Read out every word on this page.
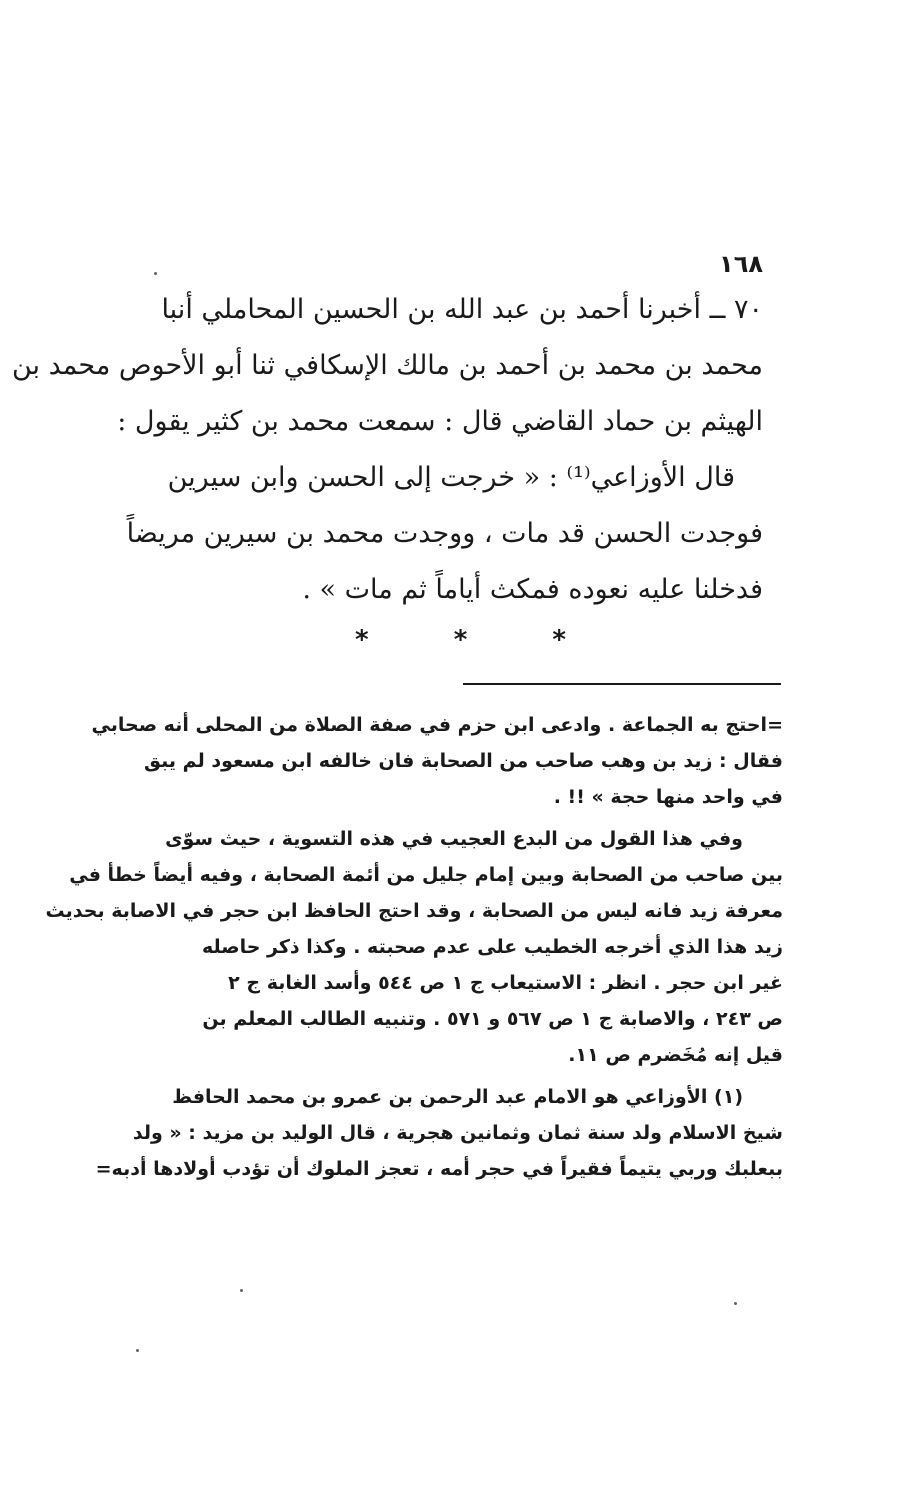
١٦٨
٧٠ ــ أخبرنا أحمد بن عبد الله بن الحسين المحاملي أنبا
محمد بن محمد بن أحمد بن مالك الإسكافي ثنا أبو الأحوص محمد بن
الهيثم بن حماد القاضي قال : سمعت محمد بن كثير يقول :
قال الأوزاعي⁽¹⁾ : « خرجت إلى الحسن وابن سيرين
فوجدت الحسن قد مات ، ووجدت محمد بن سيرين مريضاً
فدخلنا عليه نعوده فمكث أياماً ثم مات » .
* * *
=احتج به الجماعة . وادعى ابن حزم في صفة الصلاة من المحلى أنه صحابي
فقال : زيد بن وهب صاحب من الصحابة فان خالفه ابن مسعود لم يبق
في واحد منها حجة » !! .
وفي هذا القول من البدع العجيب في هذه التسوية ، حيث سوّى
بين صاحب من الصحابة وبين إمام جليل من أئمة الصحابة ، وفيه أيضاً خطأ في
معرفة زيد فانه ليس من الصحابة ، وقد احتج الحافظ ابن حجر في الاصابة بحديث
زيد هذا الذي أخرجه الخطيب على عدم صحبته . وكذا ذكر حاصله
غير ابن حجر . انظر : الاستيعاب ج ١ ص ٥٤٤ وأسد الغابة ج ٢
ص ٢٤٣ ، والاصابة ج ١ ص ٥٦٧ و ٥٧١ . وتنبيه الطالب المعلم بن
قيل إنه مُخَضرم ص ١١.
(١) الأوزاعي هو الامام عبد الرحمن بن عمرو بن محمد الحافظ
شيخ الاسلام ولد سنة ثمان وثمانين هجرية ، قال الوليد بن مزيد : « ولد
ببعلبك وربي يتيماً فقيراً في حجر أمه ، تعجز الملوك أن تؤدب أولادها أدبه=
